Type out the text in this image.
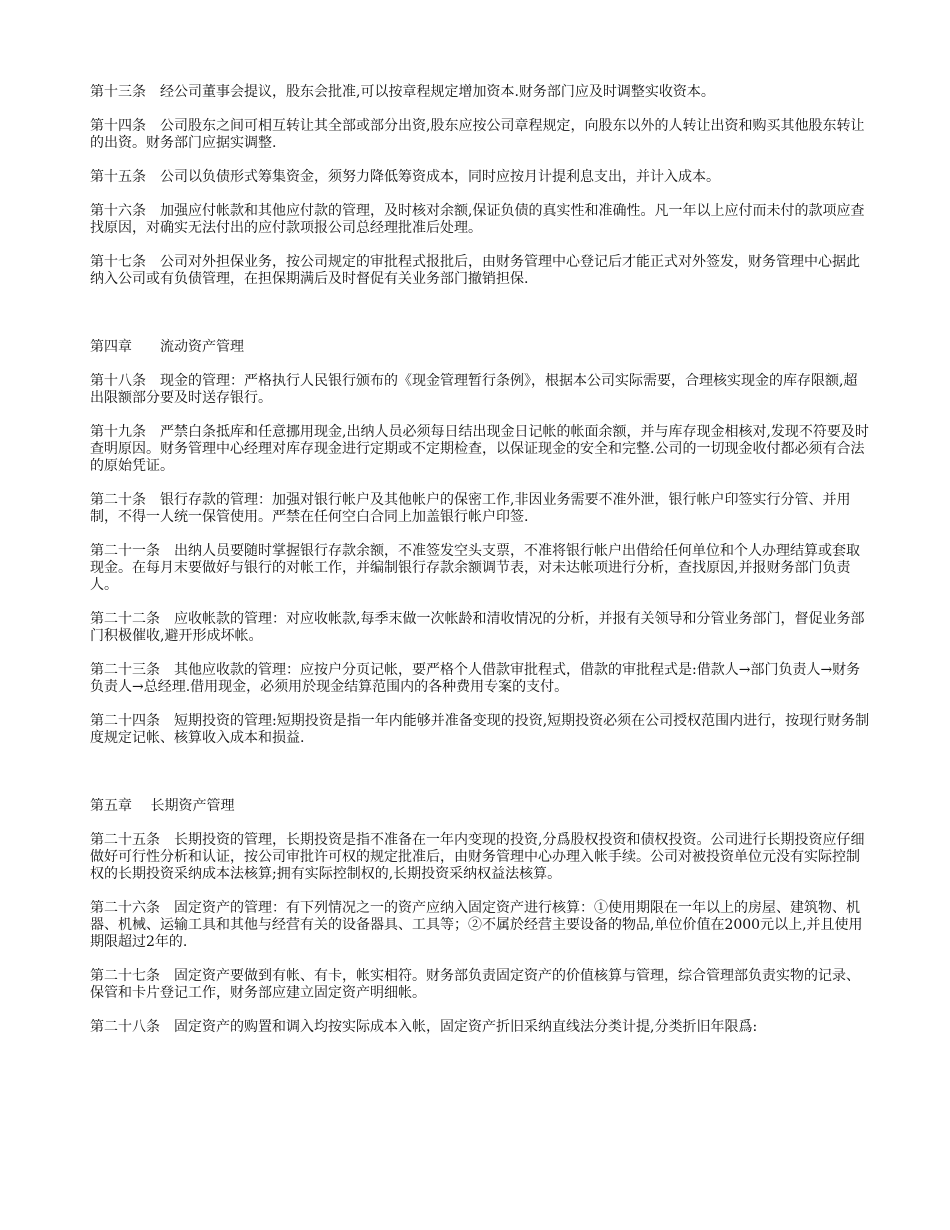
第十三条　经公司董事会提议，股东会批准,可以按章程规定增加资本.财务部门应及时调整实收资本。

第十四条　公司股东之间可相互转让其全部或部分出资,股东应按公司章程规定，向股东以外的人转让出资和购买其他股东转让的出资。财务部门应据实调整.

第十五条　公司以负债形式筹集资金，须努力降低筹资成本，同时应按月计提利息支出，并计入成本。

第十六条　加强应付帐款和其他应付款的管理，及时核对余额,保证负债的真实性和准确性。凡一年以上应付而未付的款项应查找原因，对确实无法付出的应付款项报公司总经理批准后处理。

第十七条　公司对外担保业务，按公司规定的审批程式报批后，由财务管理中心登记后才能正式对外签发，财务管理中心据此纳入公司或有负债管理，在担保期满后及时督促有关业务部门撤销担保.

第四章　　流动资产管理

第十八条　现金的管理：严格执行人民银行颁布的《现金管理暂行条例》，根据本公司实际需要，合理核实现金的库存限额,超出限额部分要及时送存银行。

第十九条　严禁白条抵库和任意挪用现金,出纳人员必须每日结出现金日记帐的帐面余额，并与库存现金相核对,发现不符要及时查明原因。财务管理中心经理对库存现金进行定期或不定期检查，以保证现金的安全和完整.公司的一切现金收付都必须有合法的原始凭证。

第二十条　银行存款的管理：加强对银行帐户及其他帐户的保密工作,非因业务需要不准外泄，银行帐户印签实行分管、并用制，不得一人统一保管使用。严禁在任何空白合同上加盖银行帐户印签.

第二十一条　出纳人员要随时掌握银行存款余额，不准签发空头支票，不准将银行帐户出借给任何单位和个人办理结算或套取现金。在每月末要做好与银行的对帐工作，并编制银行存款余额调节表，对未达帐项进行分析，查找原因,并报财务部门负责人。

第二十二条　应收帐款的管理：对应收帐款,每季末做一次帐龄和清收情况的分析，并报有关领导和分管业务部门，督促业务部门积极催收,避开形成坏帐。

第二十三条　其他应收款的管理：应按户分页记帐，要严格个人借款审批程式，借款的审批程式是:借款人→部门负责人→财务负责人→总经理.借用现金，必须用於现金结算范围内的各种费用专案的支付。

第二十四条　短期投资的管理:短期投资是指一年内能够并准备变现的投资,短期投资必须在公司授权范围内进行，按现行财务制度规定记帐、核算收入成本和损益.

第五章　 长期资产管理

第二十五条　长期投资的管理，长期投资是指不准备在一年内变现的投资,分爲股权投资和债权投资。公司进行长期投资应仔细做好可行性分析和认证，按公司审批许可权的规定批准后，由财务管理中心办理入帐手续。公司对被投资单位元没有实际控制权的长期投资采纳成本法核算;拥有实际控制权的,长期投资采纳权益法核算。

第二十六条　固定资产的管理：有下列情况之一的资产应纳入固定资产进行核算：①使用期限在一年以上的房屋、建筑物、机器、机械、运输工具和其他与经营有关的设备器具、工具等；②不属於经营主要设备的物品,单位价值在2000元以上,并且使用期限超过2年的.

第二十七条　固定资产要做到有帐、有卡，帐实相符。财务部负责固定资产的价值核算与管理，综合管理部负责实物的记录、保管和卡片登记工作，财务部应建立固定资产明细帐。

第二十八条　固定资产的购置和调入均按实际成本入帐，固定资产折旧采纳直线法分类计提,分类折旧年限爲:
